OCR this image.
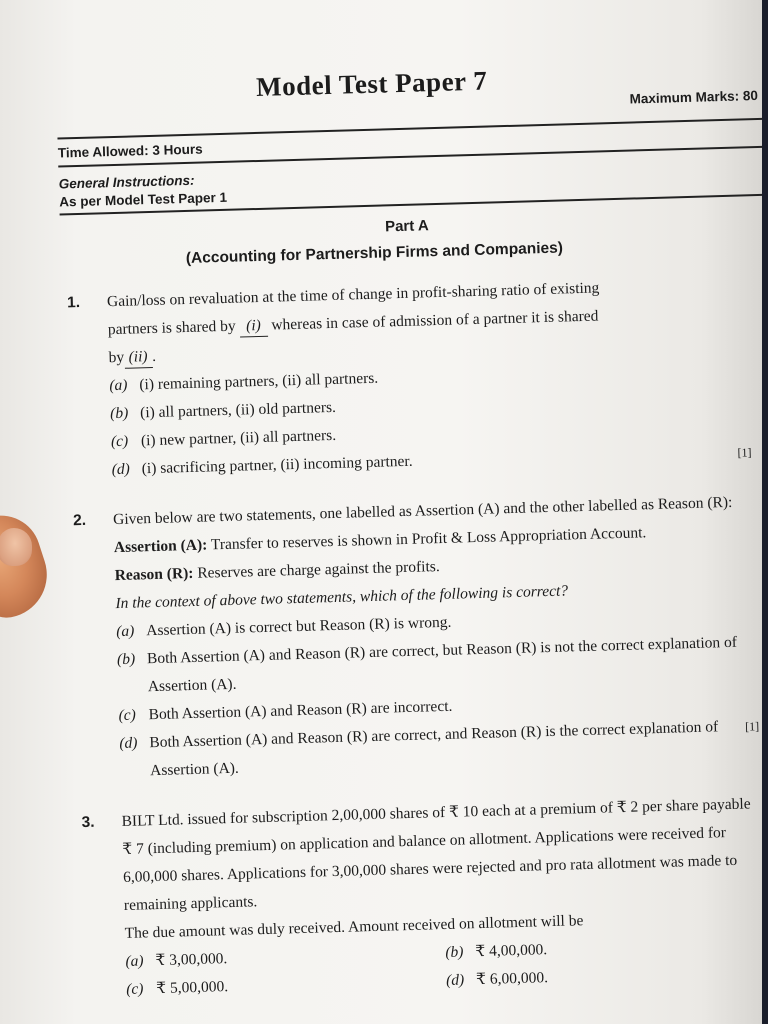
Model Test Paper 7	Maximum Marks: 80
Time Allowed: 3 Hours
General Instructions:
As per Model Test Paper 1
Part A
(Accounting for Partnership Firms and Companies)
1. Gain/loss on revaluation at the time of change in profit-sharing ratio of existing

partners is shared by (i) whereas in case of admission of a partner it is shared

by (ii) .

(a) (i) remaining partners, (ii) all partners.
(b) (i) all partners, (ii) old partners.
(c) (i) new partner, (ii) all partners.
(d) (i) sacrificing partner, (ii) incoming partner.
[1]
2. Given below are two statements, one labelled as Assertion (A) and the other labelled as Reason (R):

Assertion (A): Transfer to reserves is shown in Profit & Loss Appropriation Account.

Reason (R): Reserves are charge against the profits.

In the context of above two statements, which of the following is correct?

(a) Assertion (A) is correct but Reason (R) is wrong.
(b) Both Assertion (A) and Reason (R) are correct, but Reason (R) is not the correct explanation of Assertion (A).
(c) Both Assertion (A) and Reason (R) are incorrect.
(d) Both Assertion (A) and Reason (R) are correct, and Reason (R) is the correct explanation of Assertion (A).
[1]
3. BILT Ltd. issued for subscription 2,00,000 shares of ₹ 10 each at a premium of ₹ 2 per share payable ₹ 7 (including premium) on application and balance on allotment. Applications were received for 6,00,000 shares. Applications for 3,00,000 shares were rejected and pro rata allotment was made to remaining applicants.

The due amount was duly received. Amount received on allotment will be

(a) ₹ 3,00,000.	(b) ₹ 4,00,000.
(c) ₹ 5,00,000.	(d) ₹ 6,00,000.
